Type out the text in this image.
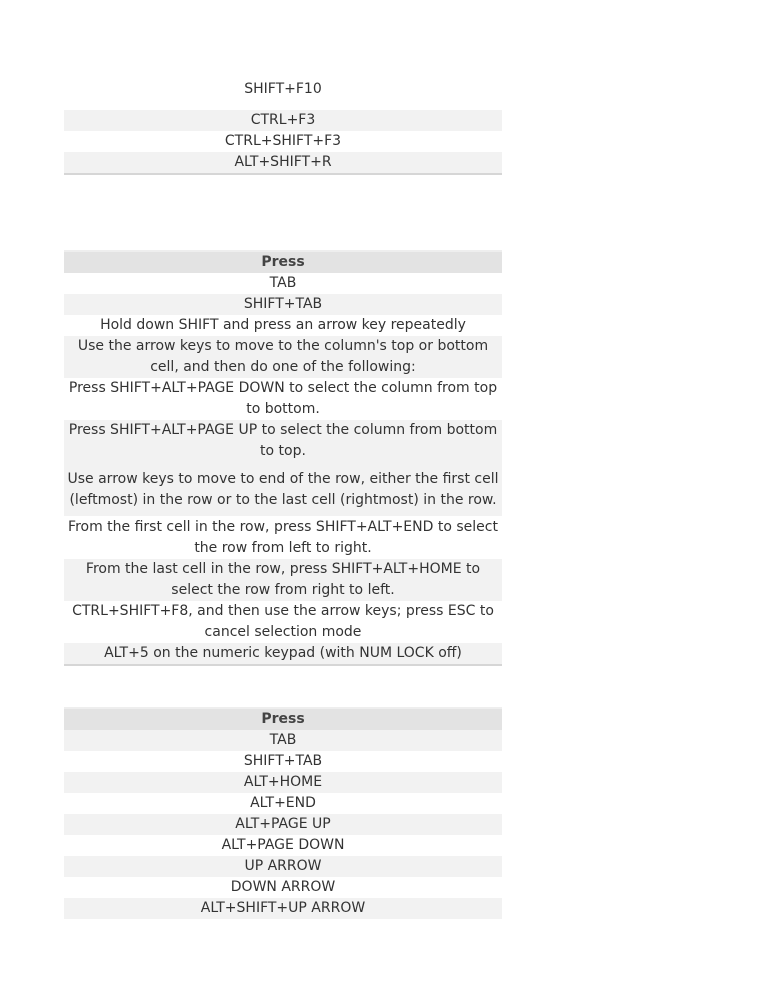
SHIFT+F10
CTRL+F3
CTRL+SHIFT+F3
ALT+SHIFT+R
Press
TAB
SHIFT+TAB
Hold down SHIFT and press an arrow key repeatedly
Use the arrow keys to move to the column's top or bottom cell, and then do one of the following:
Press SHIFT+ALT+PAGE DOWN to select the column from top to bottom.
Press SHIFT+ALT+PAGE UP to select the column from bottom to top.
Use arrow keys to move to end of the row, either the first cell (leftmost) in the row or to the last cell (rightmost) in the row.
From the first cell in the row, press SHIFT+ALT+END to select the row from left to right.
From the last cell in the row, press SHIFT+ALT+HOME to select the row from right to left.
CTRL+SHIFT+F8, and then use the arrow keys; press ESC to cancel selection mode
ALT+5 on the numeric keypad (with NUM LOCK off)
Press
TAB
SHIFT+TAB
ALT+HOME
ALT+END
ALT+PAGE UP
ALT+PAGE DOWN
UP ARROW
DOWN ARROW
ALT+SHIFT+UP ARROW
